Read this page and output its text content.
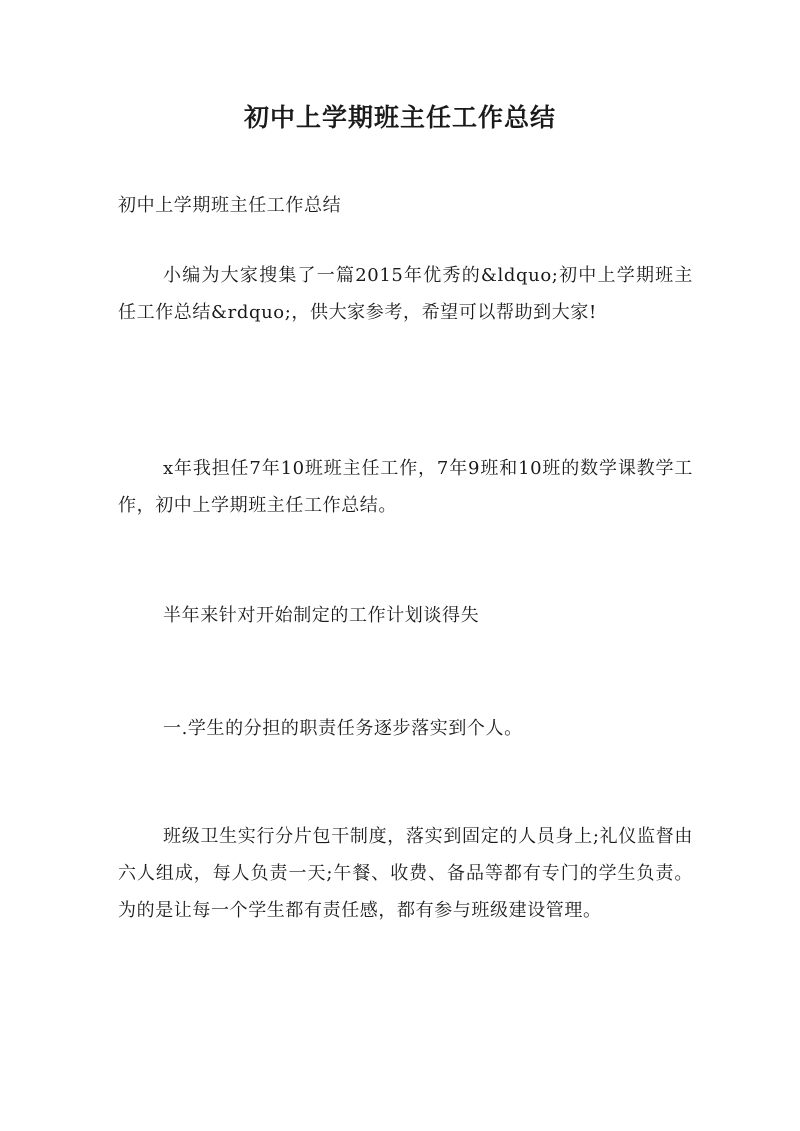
初中上学期班主任工作总结

初中上学期班主任工作总结

小编为大家搜集了一篇2015年优秀的&ldquo;初中上学期班主任工作总结&rdquo;，供大家参考，希望可以帮助到大家!

x年我担任7年10班班主任工作，7年9班和10班的数学课教学工作，初中上学期班主任工作总结。

半年来针对开始制定的工作计划谈得失

一.学生的分担的职责任务逐步落实到个人。

班级卫生实行分片包干制度，落实到固定的人员身上;礼仪监督由六人组成，每人负责一天;午餐、收费、备品等都有专门的学生负责。为的是让每一个学生都有责任感，都有参与班级建设管理。
